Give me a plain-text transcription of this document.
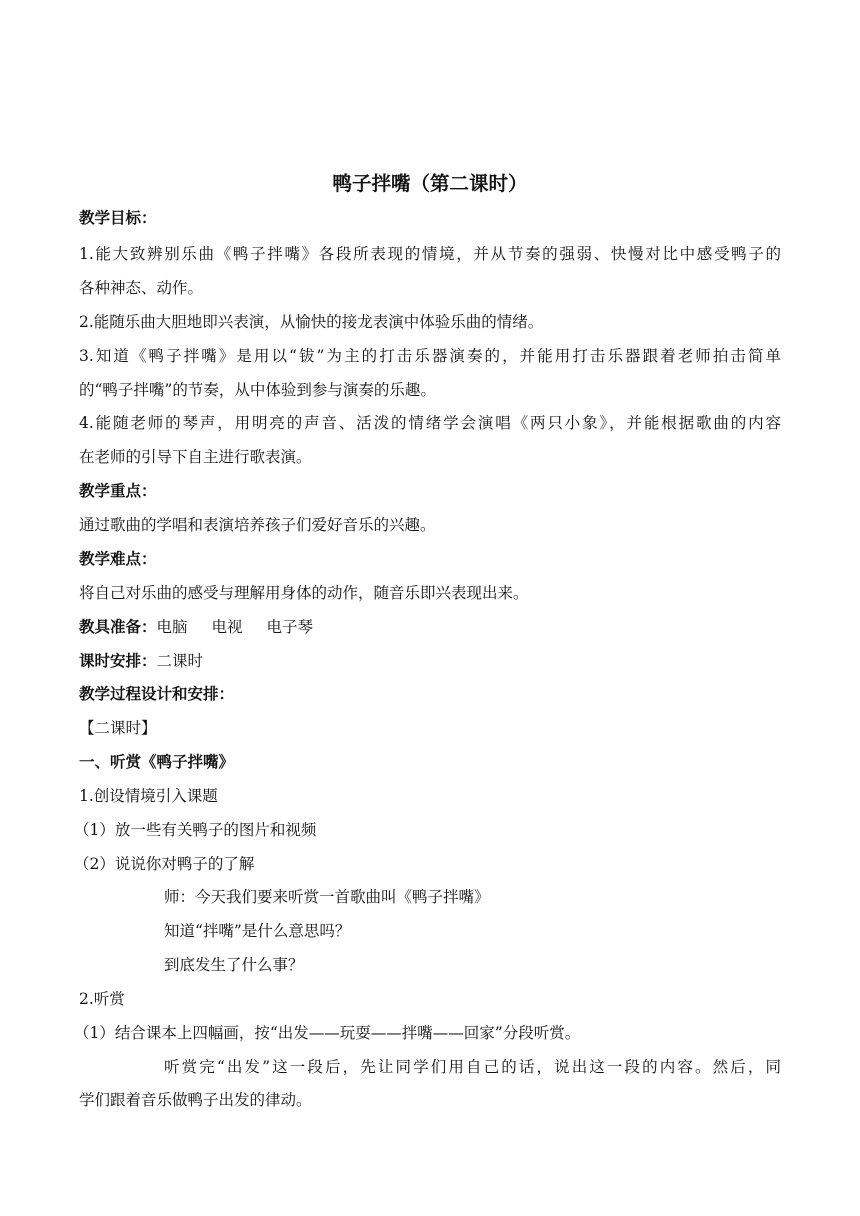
鸭子拌嘴（第二课时）
教学目标：
1.能大致辨别乐曲《鸭子拌嘴》各段所表现的情境，并从节奏的强弱、快慢对比中感受鸭子的
各种神态、动作。
2.能随乐曲大胆地即兴表演，从愉快的接龙表演中体验乐曲的情绪。
3.知道《鸭子拌嘴》是用以“钹”为主的打击乐器演奏的，并能用打击乐器跟着老师拍击简单
的“鸭子拌嘴”的节奏，从中体验到参与演奏的乐趣。
4.能随老师的琴声，用明亮的声音、活泼的情绪学会演唱《两只小象》，并能根据歌曲的内容
在老师的引导下自主进行歌表演。
教学重点：
通过歌曲的学唱和表演培养孩子们爱好音乐的兴趣。
教学难点：
将自己对乐曲的感受与理解用身体的动作，随音乐即兴表现出来。
教具准备：电脑 电视 电子琴
课时安排：二课时
教学过程设计和安排：
【二课时】
一、听赏《鸭子拌嘴》
1.创设情境引入课题
（1）放一些有关鸭子的图片和视频
（2）说说你对鸭子的了解
师：今天我们要来听赏一首歌曲叫《鸭子拌嘴》
知道“拌嘴”是什么意思吗？
到底发生了什么事？
2.听赏
（1）结合课本上四幅画，按“出发——玩耍——拌嘴——回家”分段听赏。
听赏完“出发”这一段后，先让同学们用自己的话，说出这一段的内容。然后，同
学们跟着音乐做鸭子出发的律动。
